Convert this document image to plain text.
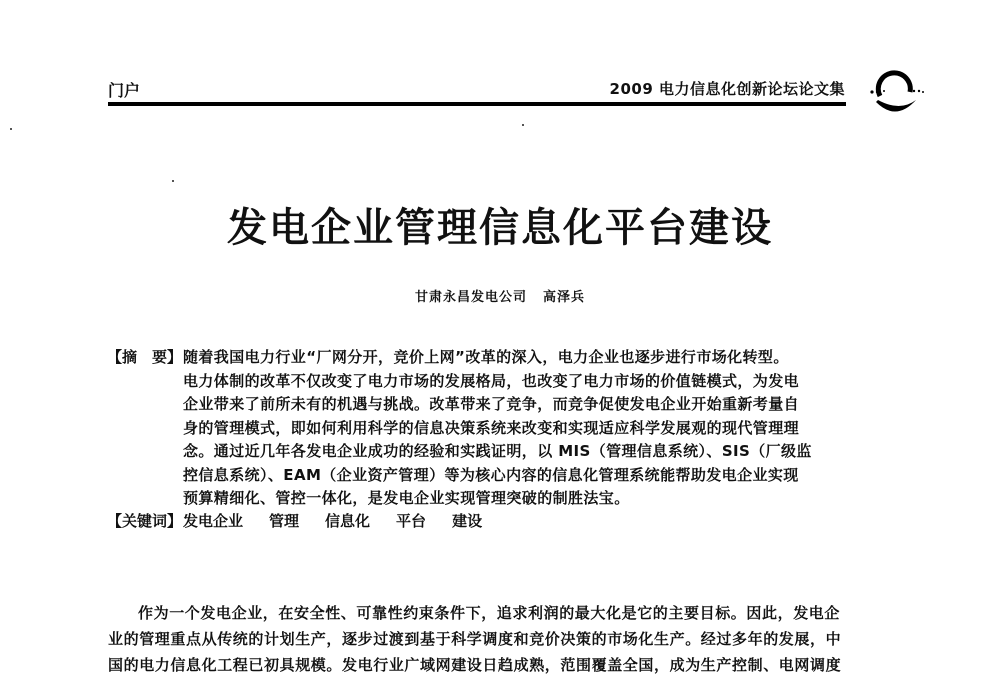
门户	2009 电力信息化创新论坛论文集
发电企业管理信息化平台建设
甘肃永昌发电公司 高泽兵
【摘　要】 随着我国电力行业“厂网分开，竞价上网”改革的深入，电力企业也逐步进行市场化转型。
电力体制的改革不仅改变了电力市场的发展格局，也改变了电力市场的价值链模式，为发电
企业带来了前所未有的机遇与挑战。改革带来了竞争，而竞争促使发电企业开始重新考量自
身的管理模式，即如何利用科学的信息决策系统来改变和实现适应科学发展观的现代管理理
念。通过近几年各发电企业成功的经验和实践证明，以 MIS（管理信息系统）、SIS（厂级监
控信息系统）、EAM（企业资产管理）等为核心内容的信息化管理系统能帮助发电企业实现
预算精细化、管控一体化，是发电企业实现管理突破的制胜法宝。
【关键词】发电企业 管理 信息化 平台 建设
作为一个发电企业，在安全性、可靠性约束条件下，追求利润的最大化是它的主要目标。因此，发电企
业的管理重点从传统的计划生产，逐步过渡到基于科学调度和竞价决策的市场化生产。经过多年的发展，中
国的电力信息化工程已初具规模。发电行业广域网建设日趋成熟，范围覆盖全国，成为生产控制、电网调度
